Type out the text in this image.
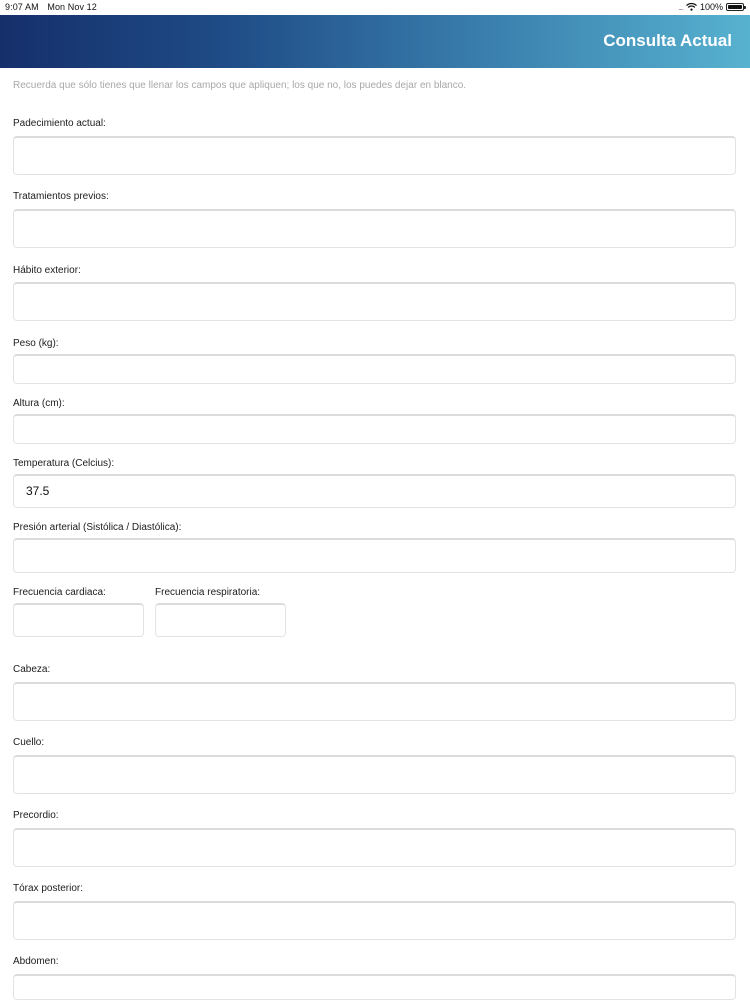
9:07 AM Mon Nov 12	.... 100%
Consulta Actual
Recuerda que sólo tienes que llenar los campos que apliquen; los que no, los puedes dejar en blanco.
Padecimiento actual:
Tratamientos previos:
Hábito exterior:
Peso (kg):
Altura (cm):
Temperatura (Celcius):
37.5
Presión arterial (Sistólica / Diastólica):
Frecuencia cardiaca:	Frecuencia respiratoria:
Cabeza:
Cuello:
Precordio:
Tórax posterior:
Abdomen:
